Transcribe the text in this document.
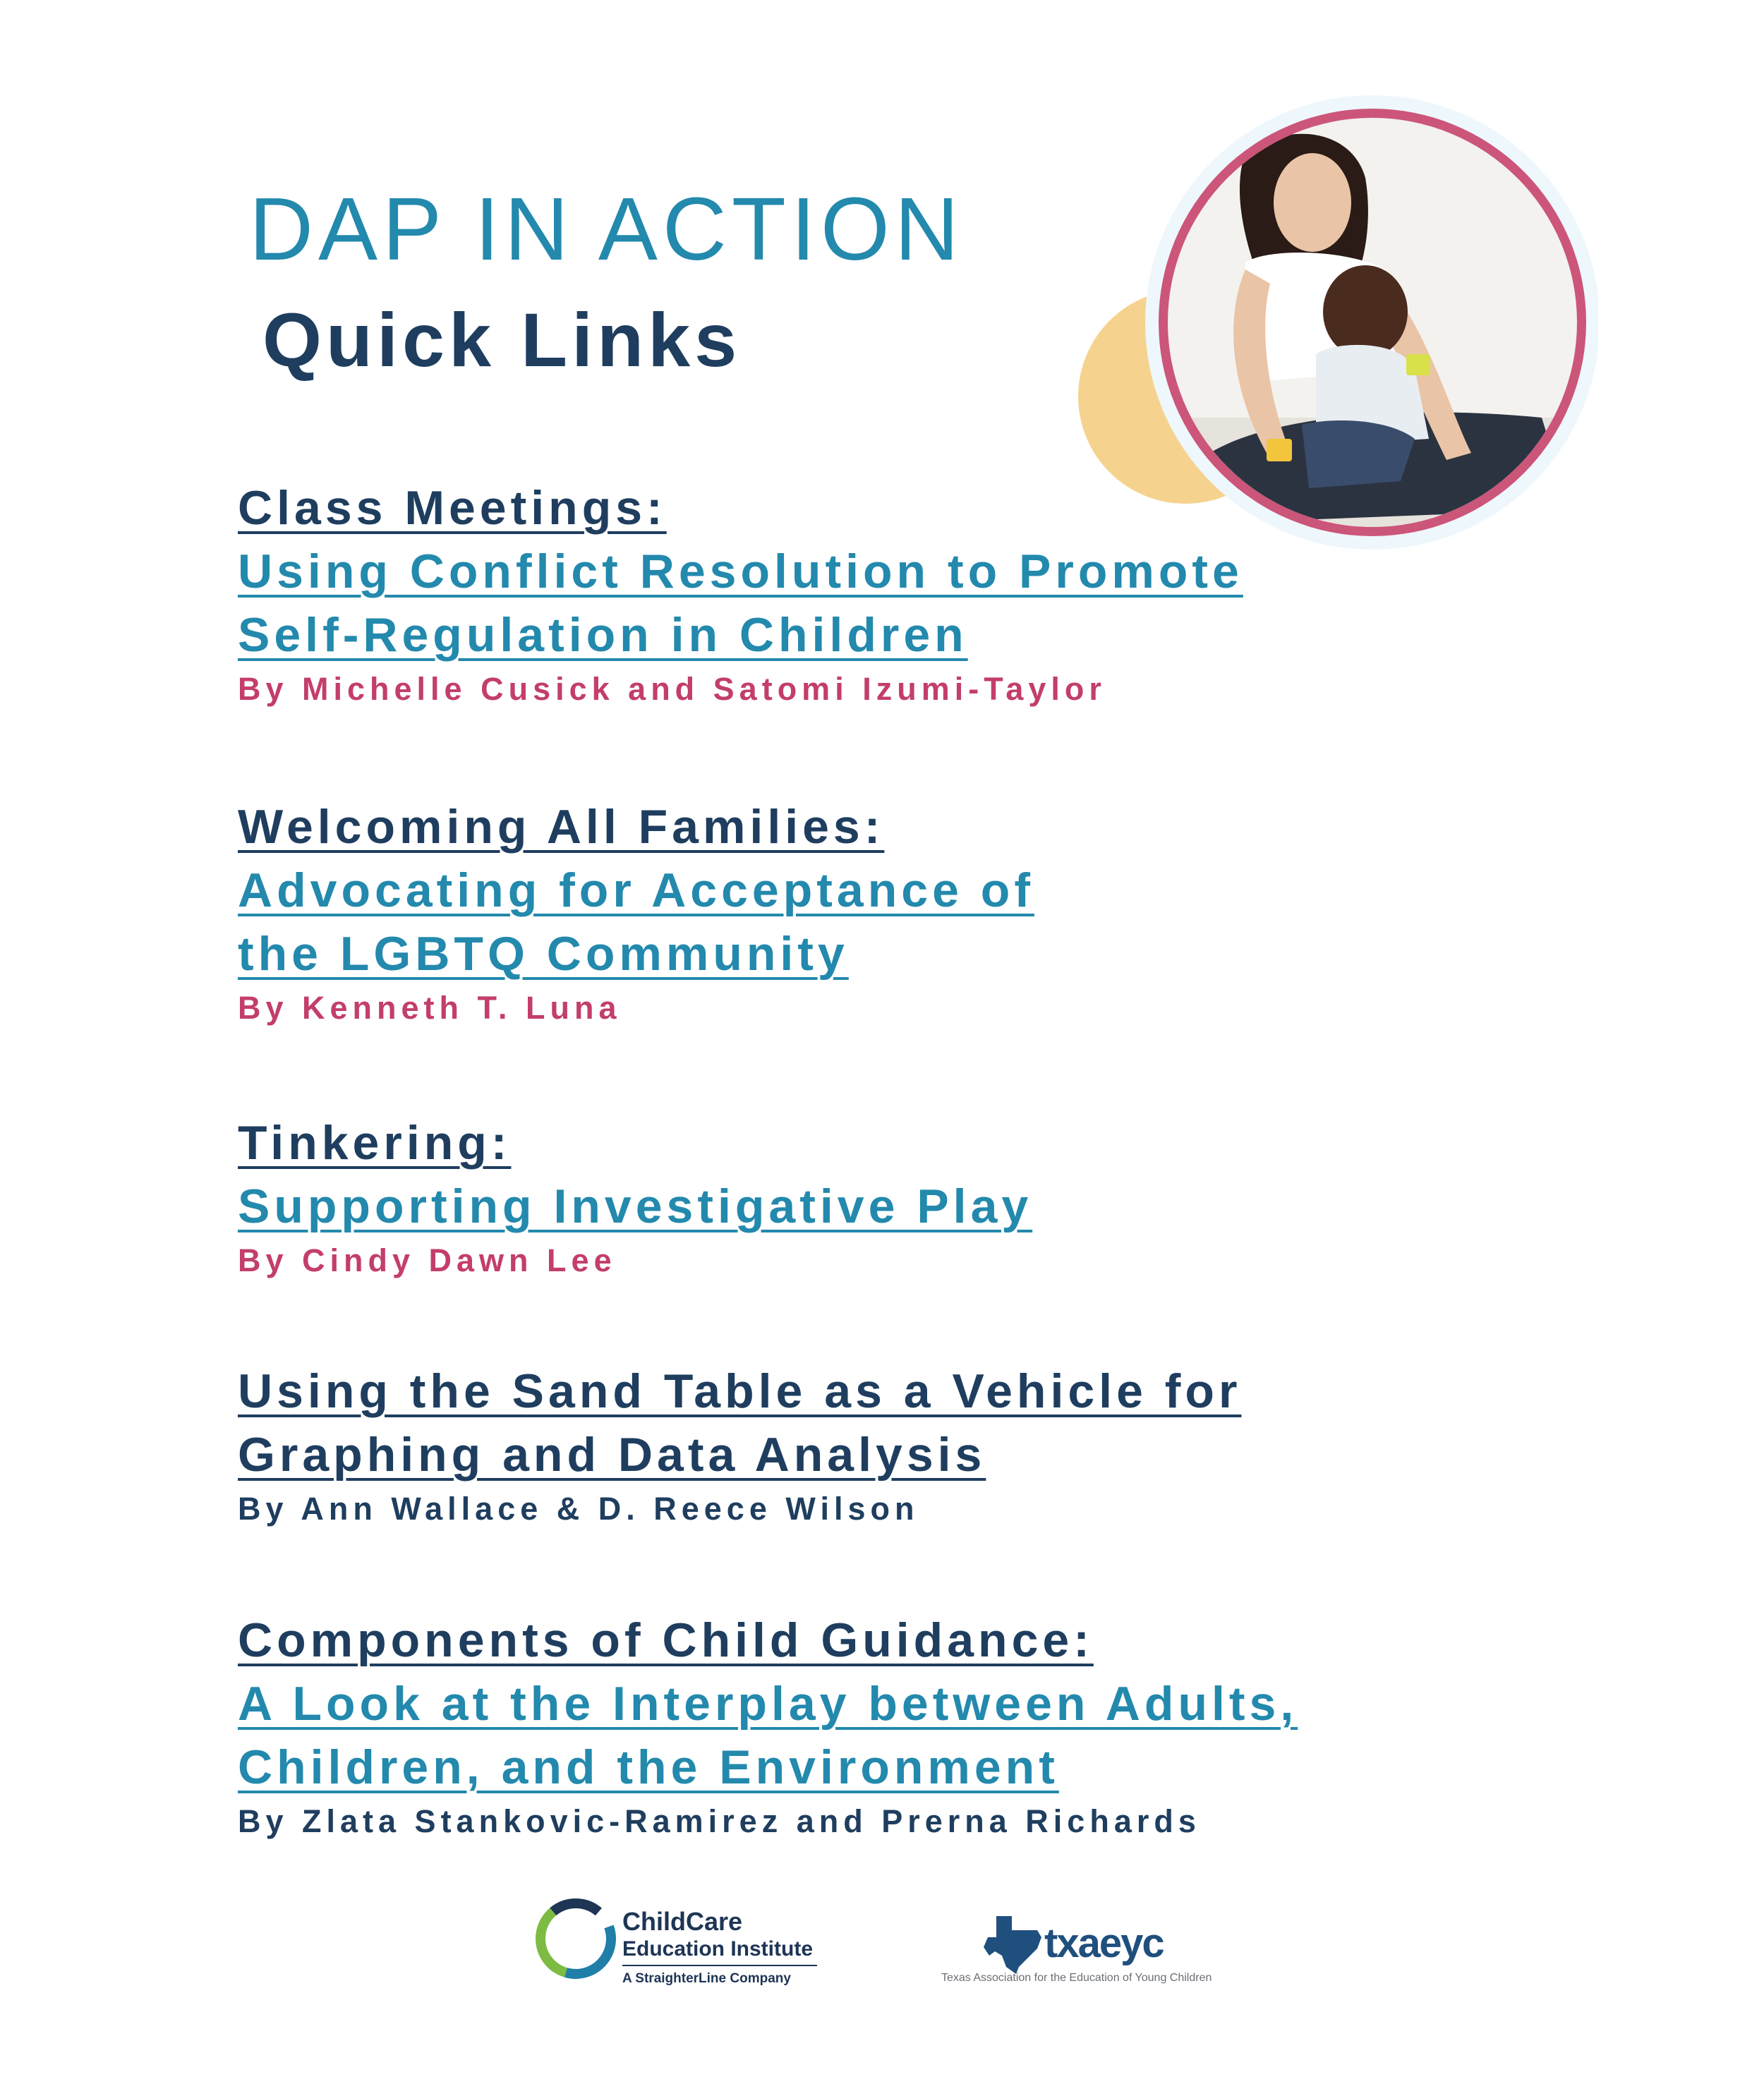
DAP IN ACTION
Quick Links
Class Meetings:
Using Conflict Resolution to Promote
Self-Regulation in Children
By Michelle Cusick and Satomi Izumi-Taylor
Welcoming All Families:
Advocating for Acceptance of
the LGBTQ Community
By Kenneth T. Luna
Tinkering:
Supporting Investigative Play
By Cindy Dawn Lee
Using the Sand Table as a Vehicle for
Graphing and Data Analysis
By Ann Wallace & D. Reece Wilson
Components of Child Guidance:
A Look at the Interplay between Adults,
Children, and the Environment
By Zlata Stankovic-Ramirez and Prerna Richards
ChildCare
Education Institute
A StraighterLine Company
txaeyc
Texas Association for the Education of Young Children
